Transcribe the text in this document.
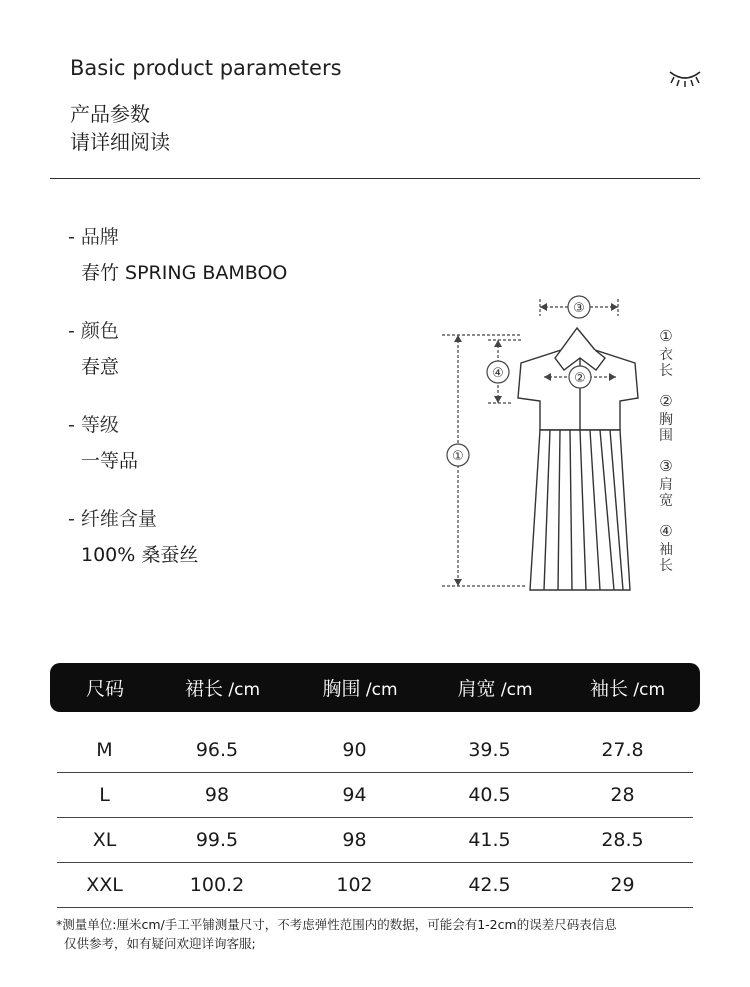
Basic product parameters
产品参数
请详细阅读
- 品牌
春竹 SPRING BAMBOO
- 颜色
春意
- 等级
一等品
- 纤维含量
100% 桑蚕丝
①
②
③
④
①
衣
长
②
胸
围
③
肩
宽
④
袖
长
尺码	裙长 /cm	胸围 /cm	肩宽 /cm	袖长 /cm
M	96.5	90	39.5	27.8
L	98	94	40.5	28
XL	99.5	98	41.5	28.5
XXL	100.2	102	42.5	29
*测量单位:厘米cm/手工平铺测量尺寸，不考虑弹性范围内的数据，可能会有1-2cm的误差尺码表信息
仅供参考，如有疑问欢迎详询客服;
